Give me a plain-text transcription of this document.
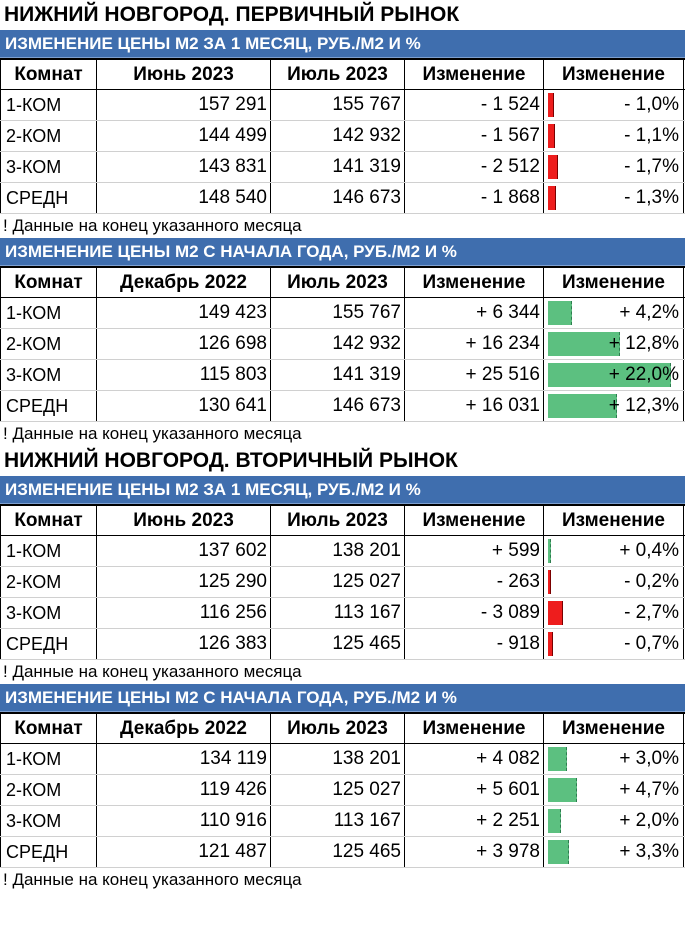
НИЖНИЙ НОВГОРОД. ПЕРВИЧНЫЙ РЫНОК
ИЗМЕНЕНИЕ ЦЕНЫ М2 ЗА 1 МЕСЯЦ, РУБ./М2 И %
Комнат	Июнь 2023	Июль 2023	Изменение	Изменение
1-КОМ	157 291	155 767	- 1 524	- 1,0%
2-КОМ	144 499	142 932	- 1 567	- 1,1%
3-КОМ	143 831	141 319	- 2 512	- 1,7%
СРЕДН	148 540	146 673	- 1 868	- 1,3%
! Данные на конец указанного месяца
ИЗМЕНЕНИЕ ЦЕНЫ М2 С НАЧАЛА ГОДА, РУБ./М2 И %
Комнат	Декабрь 2022	Июль 2023	Изменение	Изменение
1-КОМ	149 423	155 767	+ 6 344	+ 4,2%
2-КОМ	126 698	142 932	+ 16 234	+ 12,8%
3-КОМ	115 803	141 319	+ 25 516	+ 22,0%
СРЕДН	130 641	146 673	+ 16 031	+ 12,3%
! Данные на конец указанного месяца
НИЖНИЙ НОВГОРОД. ВТОРИЧНЫЙ РЫНОК
ИЗМЕНЕНИЕ ЦЕНЫ М2 ЗА 1 МЕСЯЦ, РУБ./М2 И %
Комнат	Июнь 2023	Июль 2023	Изменение	Изменение
1-КОМ	137 602	138 201	+ 599	+ 0,4%
2-КОМ	125 290	125 027	- 263	- 0,2%
3-КОМ	116 256	113 167	- 3 089	- 2,7%
СРЕДН	126 383	125 465	- 918	- 0,7%
! Данные на конец указанного месяца
ИЗМЕНЕНИЕ ЦЕНЫ М2 С НАЧАЛА ГОДА, РУБ./М2 И %
Комнат	Декабрь 2022	Июль 2023	Изменение	Изменение
1-КОМ	134 119	138 201	+ 4 082	+ 3,0%
2-КОМ	119 426	125 027	+ 5 601	+ 4,7%
3-КОМ	110 916	113 167	+ 2 251	+ 2,0%
СРЕДН	121 487	125 465	+ 3 978	+ 3,3%
! Данные на конец указанного месяца
